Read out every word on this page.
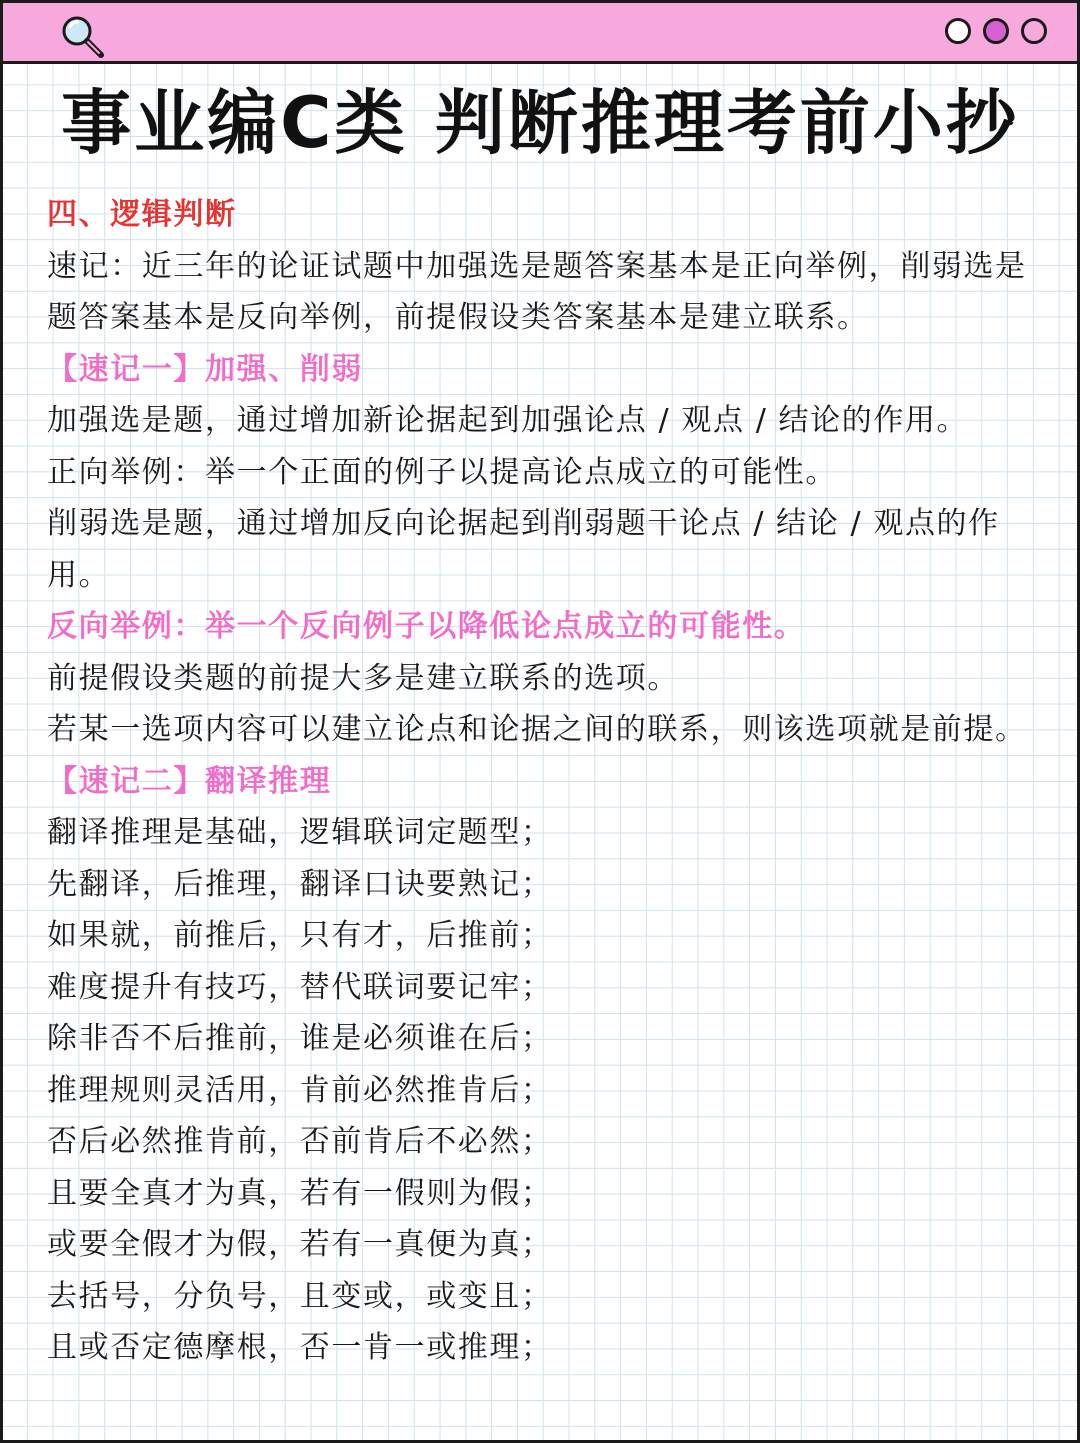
事业编C类 判断推理考前小抄
四、逻辑判断
速记：近三年的论证试题中加强选是题答案基本是正向举例，削弱选是题答案基本是反向举例，前提假设类答案基本是建立联系。
【速记一】加强、削弱
加强选是题，通过增加新论据起到加强论点 / 观点 / 结论的作用。
正向举例：举一个正面的例子以提高论点成立的可能性。
削弱选是题，通过增加反向论据起到削弱题干论点 / 结论 / 观点的作用。
反向举例：举一个反向例子以降低论点成立的可能性。
前提假设类题的前提大多是建立联系的选项。
若某一选项内容可以建立论点和论据之间的联系，则该选项就是前提。
【速记二】翻译推理
翻译推理是基础，逻辑联词定题型；
先翻译，后推理，翻译口诀要熟记；
如果就，前推后，只有才，后推前；
难度提升有技巧，替代联词要记牢；
除非否不后推前，谁是必须谁在后；
推理规则灵活用，肯前必然推肯后；
否后必然推肯前，否前肯后不必然；
且要全真才为真，若有一假则为假；
或要全假才为假，若有一真便为真；
去括号，分负号，且变或，或变且；
且或否定德摩根，否一肯一或推理；
